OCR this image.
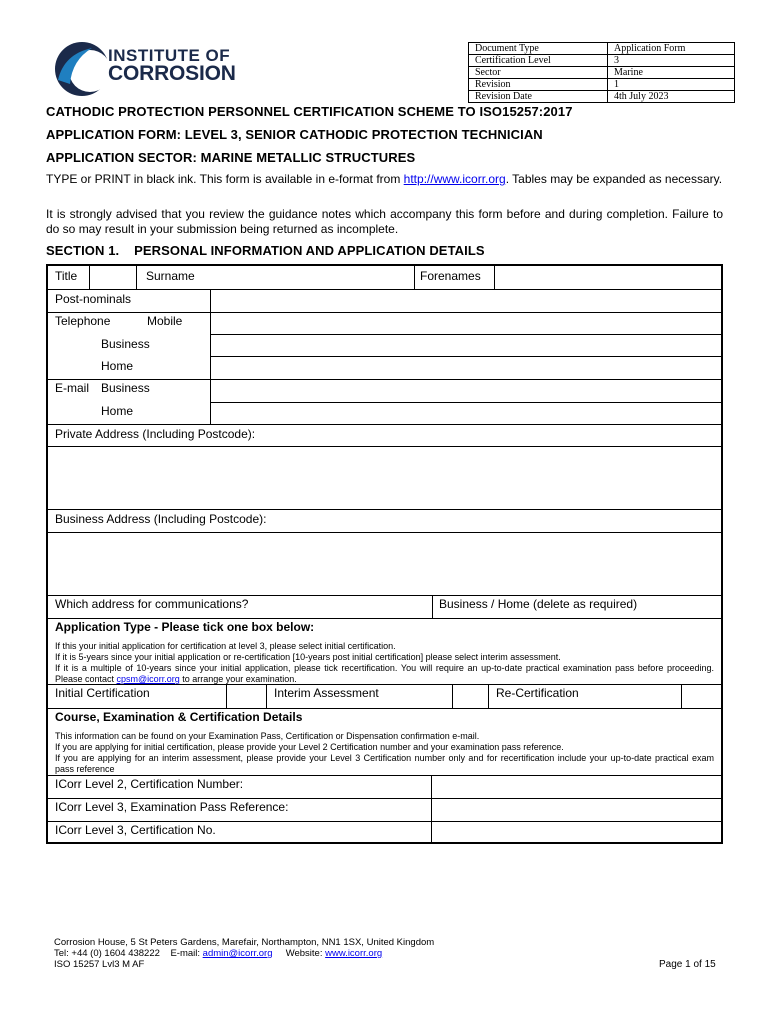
INSTITUTE OF
CORROSION
Document Type	Application Form
Certification Level	3
Sector	Marine
Revision	1
Revision Date	4th July 2023
CATHODIC PROTECTION PERSONNEL CERTIFICATION SCHEME TO ISO15257:2017
APPLICATION FORM: LEVEL 3, SENIOR CATHODIC PROTECTION TECHNICIAN
APPLICATION SECTOR: MARINE METALLIC STRUCTURES
TYPE or PRINT in black ink. This form is available in e-format from http://www.icorr.org. Tables may be expanded as necessary.
It is strongly advised that you review the guidance notes which accompany this form before and during completion. Failure to do so may result in your submission being returned as incomplete.
SECTION 1.    PERSONAL INFORMATION AND APPLICATION DETAILS
Title	Surname	Forenames
Post-nominals
Telephone	Mobile
Business
Home
E-mail Business
Home
Private Address (Including Postcode):
Business Address (Including Postcode):
Which address for communications?	Business / Home (delete as required)
Application Type - Please tick one box below:
If this your initial application for certification at level 3, please select initial certification.
If it is 5-years since your initial application or re-certification [10-years post initial certification] please select interim assessment.
If it is a multiple of 10-years since your initial application, please tick recertification. You will require an up-to-date practical examination pass before proceeding. Please contact cpsm@icorr.org to arrange your examination.
Initial Certification	Interim Assessment	Re-Certification
Course, Examination & Certification Details
This information can be found on your Examination Pass, Certification or Dispensation confirmation e-mail.
If you are applying for initial certification, please provide your Level 2 Certification number and your examination pass reference.
If you are applying for an interim assessment, please provide your Level 3 Certification number only and for recertification include your up-to-date practical exam pass reference
ICorr Level 2, Certification Number:
ICorr Level 3, Examination Pass Reference:
ICorr Level 3, Certification No.
Corrosion House, 5 St Peters Gardens, Marefair, Northampton, NN1 1SX, United Kingdom
Tel: +44 (0) 1604 438222    E-mail: admin@icorr.org     Website: www.icorr.org
ISO 15257 Lvl3 M AF	Page 1 of 15
